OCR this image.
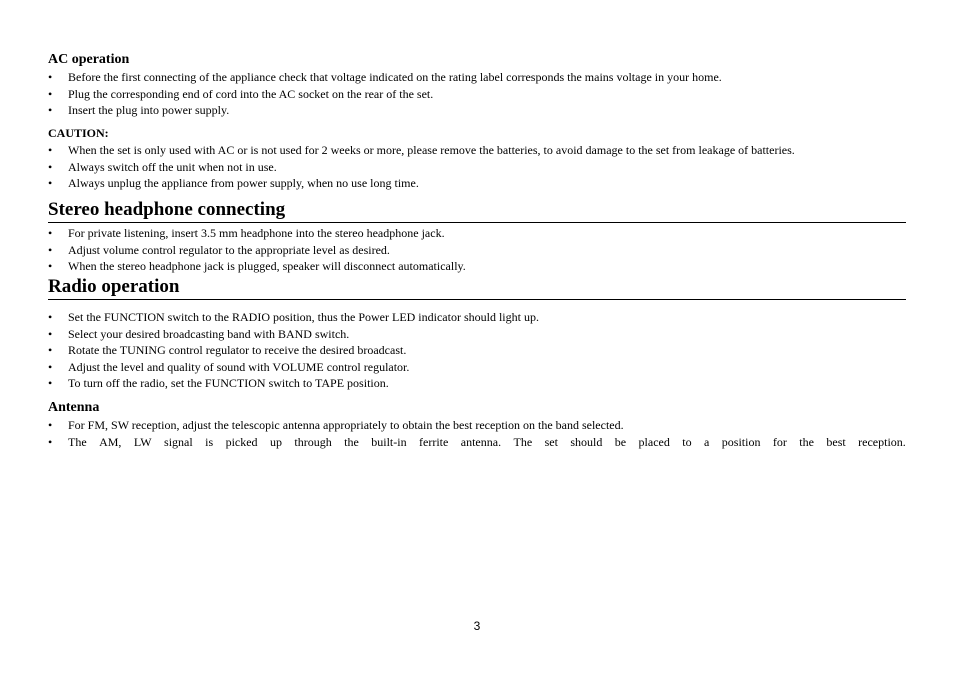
AC operation
• Before the first connecting of the appliance check that voltage indicated on the rating label corresponds the mains voltage in your home.
• Plug the corresponding end of cord into the AC socket on the rear of the set.
• Insert the plug into power supply.
CAUTION:
• When the set is only used with AC or is not used for 2 weeks or more, please remove the batteries, to avoid damage to the set from leakage of batteries.
• Always switch off the unit when not in use.
• Always unplug the appliance from power supply, when no use long time.
Stereo headphone connecting
• For private listening, insert 3.5 mm headphone into the stereo headphone jack.
• Adjust volume control regulator to the appropriate level as desired.
• When the stereo headphone jack is plugged, speaker will disconnect automatically.
Radio operation
• Set the FUNCTION switch to the RADIO position, thus the Power LED indicator should light up.
• Select your desired broadcasting band with BAND switch.
• Rotate the TUNING control regulator to receive the desired broadcast.
• Adjust the level and quality of sound with VOLUME control regulator.
• To turn off the radio, set the FUNCTION switch to TAPE position.
Antenna
• For FM, SW reception, adjust the telescopic antenna appropriately to obtain the best reception on the band selected.
• The AM, LW signal is picked up through the built-in ferrite antenna. The set should be placed to a position for the best reception.
3
